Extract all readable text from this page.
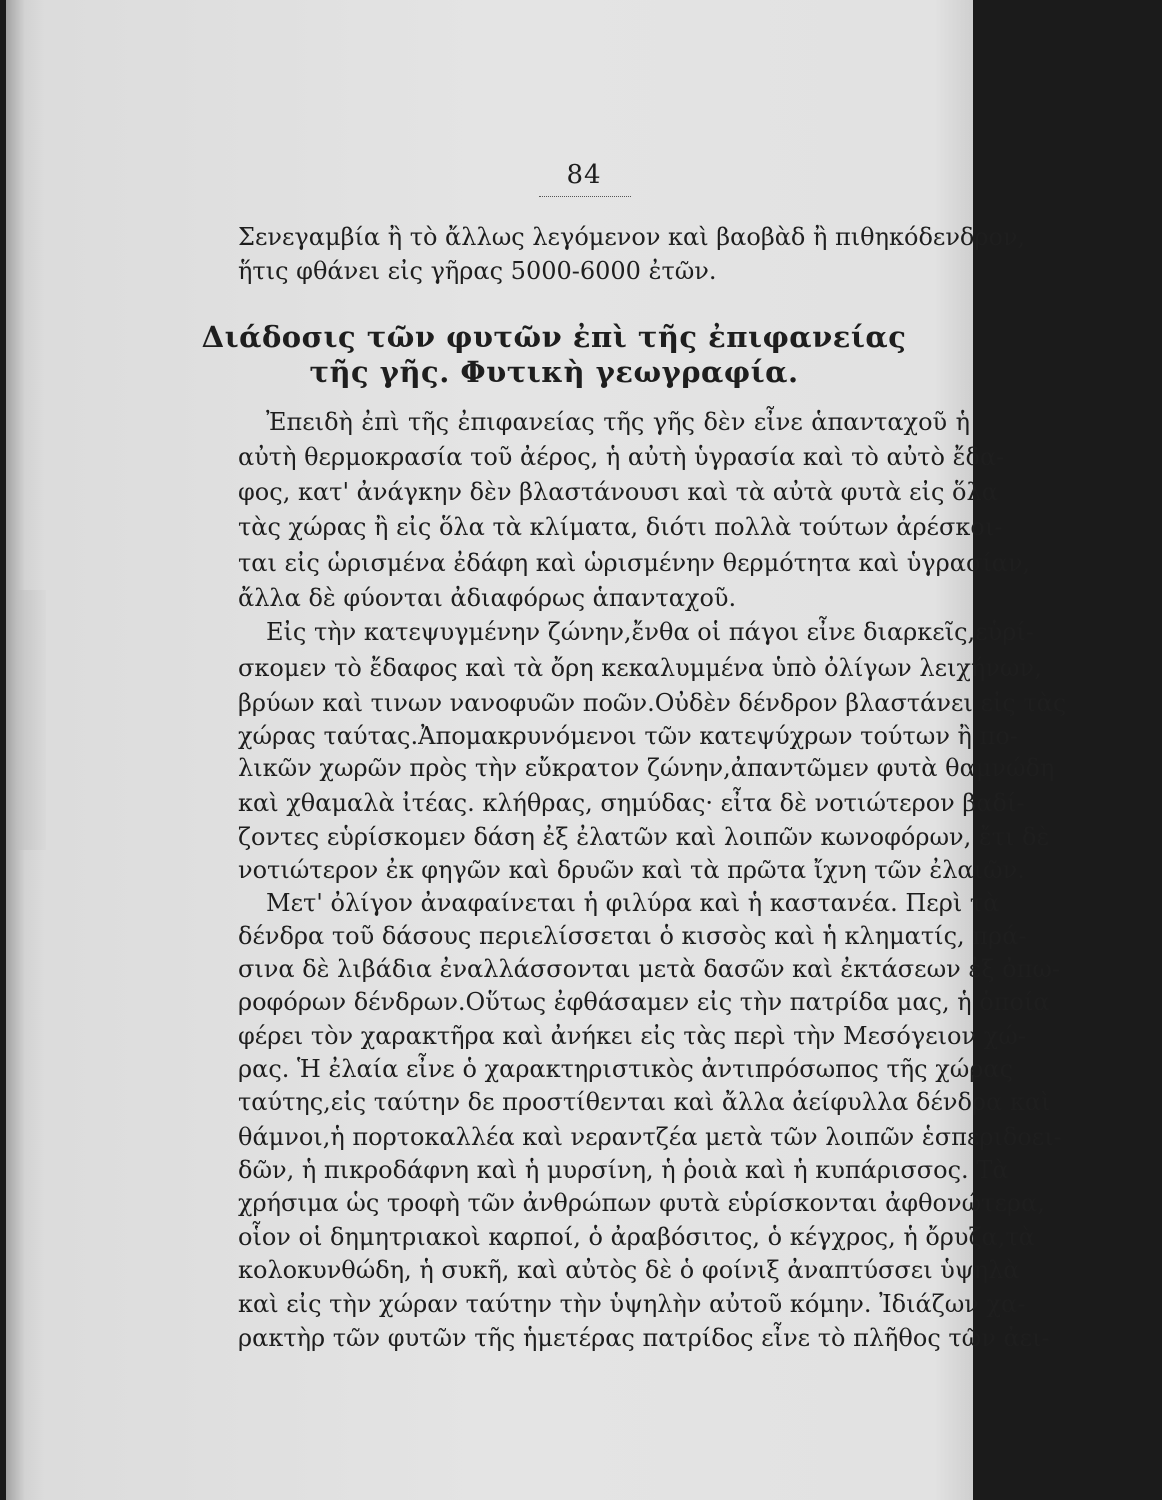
84
Σενεγαμβία ἢ τὸ ἄλλως λεγόμενον καὶ βαοβὰδ ἢ πιθηκόδενδρον,
ἥτις φθάνει εἰς γῆρας 5000-6000 ἐτῶν.
Διάδοσις τῶν φυτῶν ἐπὶ τῆς ἐπιφανείας
τῆς γῆς. Φυτικὴ γεωγραφία.
Ἐπειδὴ ἐπὶ τῆς ἐπιφανείας τῆς γῆς δὲν εἶνε ἁπανταχοῦ ἡ
αὐτὴ θερμοκρασία τοῦ ἀέρος, ἡ αὐτὴ ὑγρασία καὶ τὸ αὐτὸ ἔδα-
φος, κατ' ἀνάγκην δὲν βλαστάνουσι καὶ τὰ αὐτὰ φυτὰ εἰς ὅλα
τὰς χώρας ἢ εἰς ὅλα τὰ κλίματα, διότι πολλὰ τούτων ἀρέσκοι-
ται εἰς ὡρισμένα ἐδάφη καὶ ὡρισμένην θερμότητα καὶ ὑγρασίαν,
ἄλλα δὲ φύονται ἀδιαφόρως ἁπανταχοῦ.
Εἰς τὴν κατεψυγμένην ζώνην,ἔνθα οἱ πάγοι εἶνε διαρκεῖς,εὑρί-
σκομεν τὸ ἔδαφος καὶ τὰ ὄρη κεκαλυμμένα ὑπὸ ὀλίγων λειχήνων,
βρύων καὶ τινων νανοφυῶν ποῶν.Οὐδὲν δένδρον βλαστάνει εἰς τὰς
χώρας ταύτας.Ἀπομακρυνόμενοι τῶν κατεψύχρων τούτων ἢ πο-
λικῶν χωρῶν πρὸς τὴν εὔκρατον ζώνην,ἀπαντῶμεν φυτὰ θαμνώδη
καὶ χθαμαλὰ ἰτέας. κλήθρας, σημύδας· εἶτα δὲ νοτιώτερον βαδί-
ζοντες εὑρίσκομεν δάση ἐξ ἐλατῶν καὶ λοιπῶν κωνοφόρων, ἔτι δὲ
νοτιώτερον ἐκ φηγῶν καὶ δρυῶν καὶ τὰ πρῶτα ἴχνη τῶν ἐλαιῶν.
Μετ' ὀλίγον ἀναφαίνεται ἡ φιλύρα καὶ ἡ καστανέα. Περὶ τὰ
δένδρα τοῦ δάσους περιελίσσεται ὁ κισσὸς καὶ ἡ κληματίς, πρά-
σινα δὲ λιβάδια ἐναλλάσσονται μετὰ δασῶν καὶ ἐκτάσεων ἐξ ὀπω-
ροφόρων δένδρων.Οὕτως ἐφθάσαμεν εἰς τὴν πατρίδα μας, ἡ ὁποία
φέρει τὸν χαρακτῆρα καὶ ἀνήκει εἰς τὰς περὶ τὴν Μεσόγειον χώ-
ρας. Ἡ ἐλαία εἶνε ὁ χαρακτηριστικὸς ἀντιπρόσωπος τῆς χώρας
ταύτης,εἰς ταύτην δε προστίθενται καὶ ἄλλα ἀείφυλλα δένδρα καὶ
θάμνοι,ἡ πορτοκαλλέα καὶ νεραντζέα μετὰ τῶν λοιπῶν ἑσπεριδοει-
δῶν, ἡ πικροδάφνη καὶ ἡ μυρσίνη, ἡ ῥοιὰ καὶ ἡ κυπάρισσος. Τὰ
χρήσιμα ὡς τροφὴ τῶν ἀνθρώπων φυτὰ εὑρίσκονται ἀφθονώτερα,
οἷον οἱ δημητριακοὶ καρποί, ὁ ἀραβόσιτος, ὁ κέγχρος, ἡ ὄρυζα,τὰ
κολοκυνθώδη, ἡ συκῆ, καὶ αὐτὸς δὲ ὁ φοίνιξ ἀναπτύσσει ὑψηλὰ
καὶ εἰς τὴν χώραν ταύτην τὴν ὑψηλὴν αὐτοῦ κόμην. Ἰδιάζων χα-
ρακτὴρ τῶν φυτῶν τῆς ἡμετέρας πατρίδος εἶνε τὸ πλῆθος τῶν ἀει-
